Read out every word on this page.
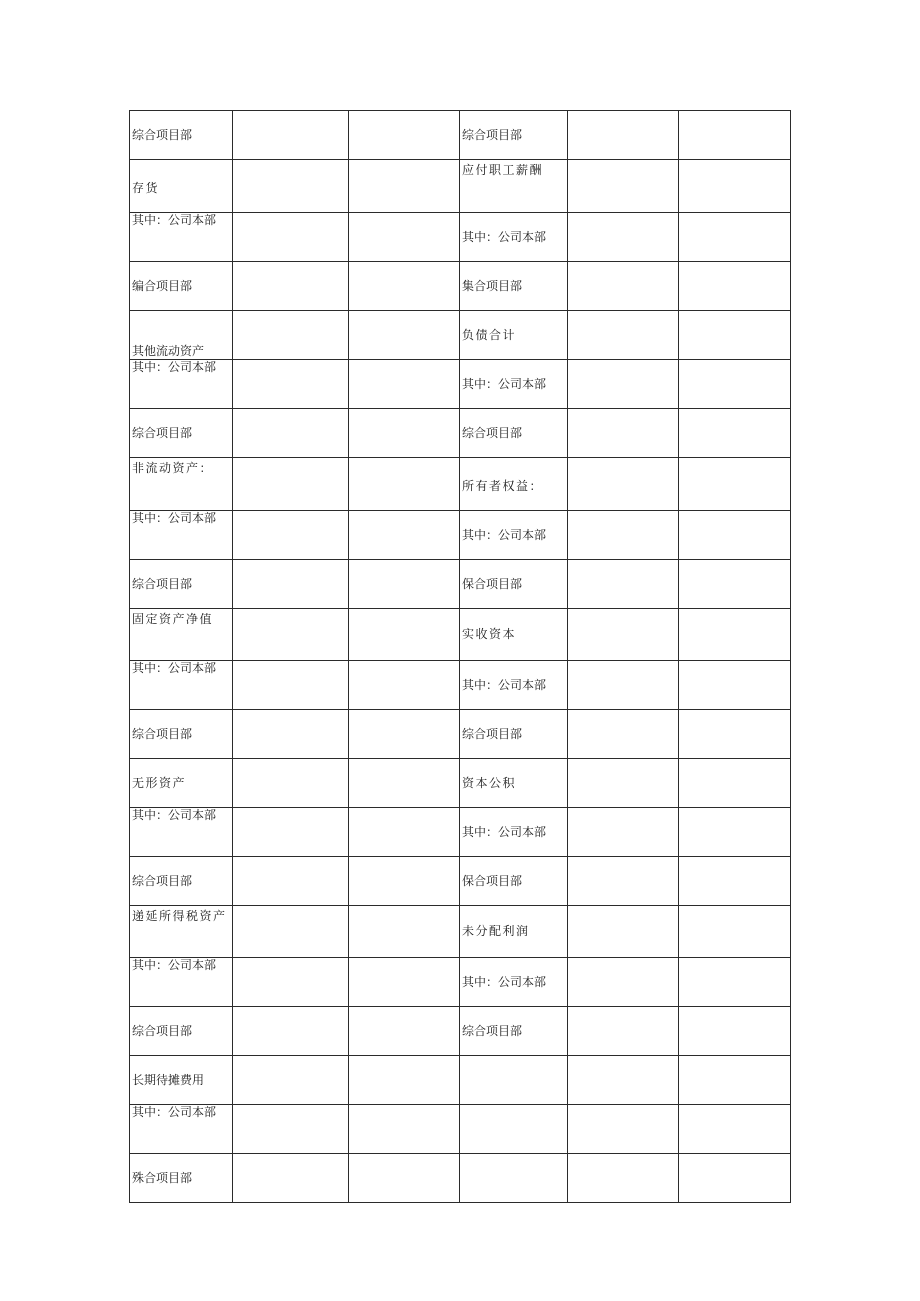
综合项目部			综合项目部		
存货			应付职工薪酬		
其中：公司本部			其中：公司本部		
编合项目部			集合项目部		
其他流动资产			负债合计		
其中：公司本部			其中：公司本部		
综合项目部			综合项目部		
非流动资产：			所有者权益：		
其中：公司本部			其中：公司本部		
综合项目部			保合项目部		
固定资产净值			实收资本		
其中：公司本部			其中：公司本部		
综合项目部			综合项目部		
无形资产			资本公积		
其中：公司本部			其中：公司本部		
综合项目部			保合项目部		
递延所得税资产			未分配利润		
其中：公司本部			其中：公司本部		
综合项目部			综合项目部		
长期待摊费用					
其中：公司本部					
殊合项目部					
